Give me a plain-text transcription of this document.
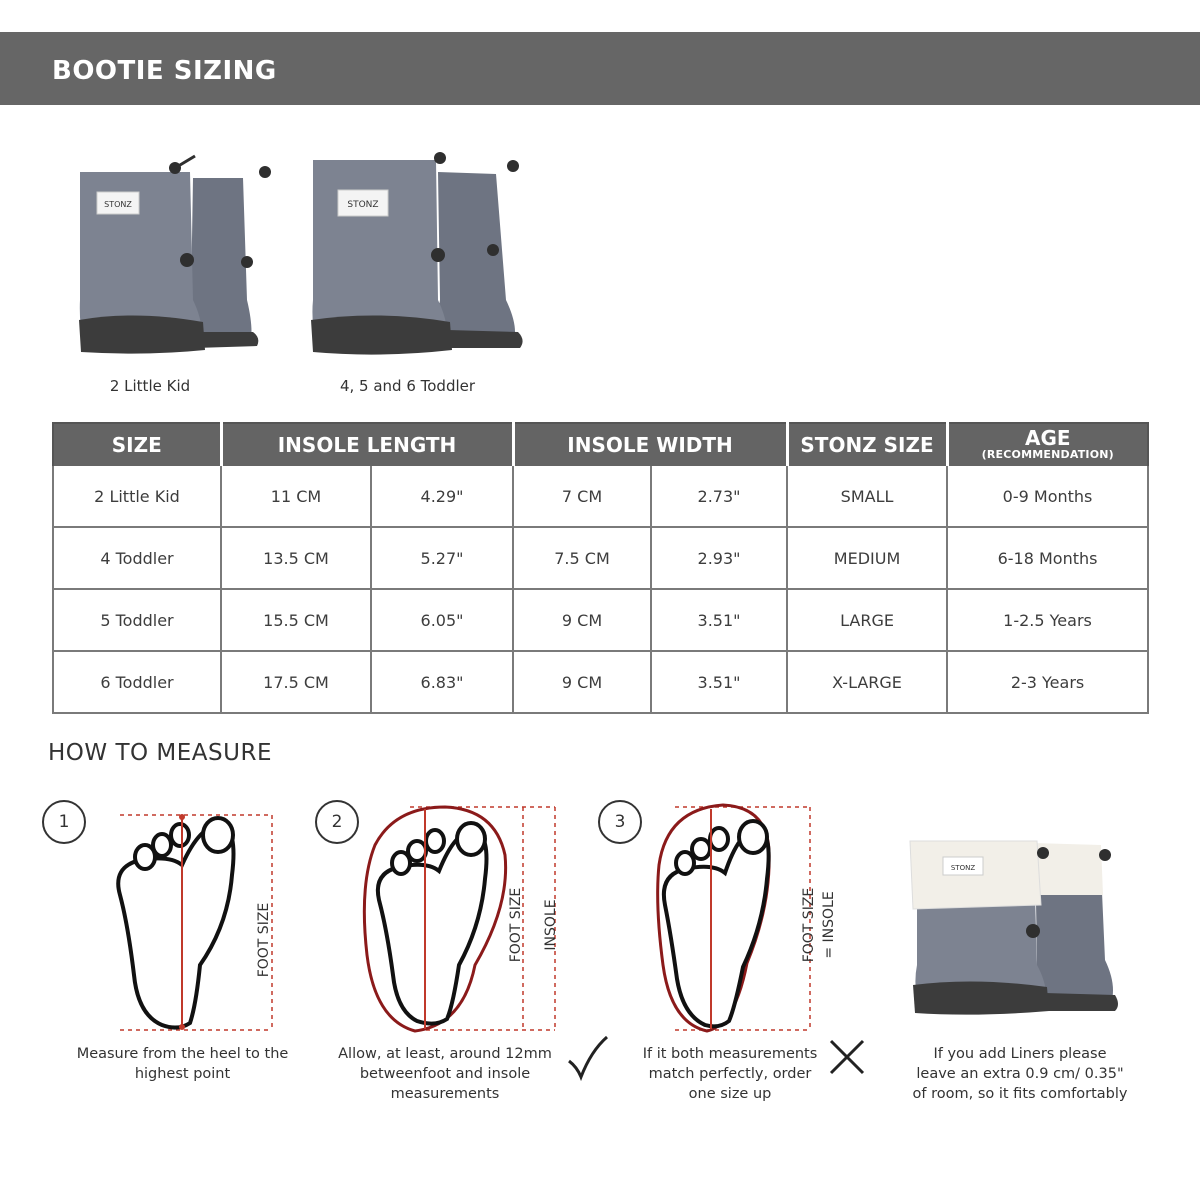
BOOTIE SIZING
STONZ
2 Little Kid
STONZ
4, 5 and 6 Toddler
SIZE	INSOLE LENGTH		INSOLE WIDTH		STONZ SIZE	AGE
(RECOMMENDATION)

2 Little Kid	11 CM	4.29"	7 CM	2.73"	SMALL	0-9 Months
4 Toddler	13.5 CM	5.27"	7.5 CM	2.93"	MEDIUM	6-18 Months
5 Toddler	15.5 CM	6.05"	9 CM	3.51"	LARGE	1-2.5 Years
6 Toddler	17.5 CM	6.83"	9 CM	3.51"	X-LARGE	2-3 Years
HOW TO MEASURE
1
FOOT SIZE
Measure from the heel to the
highest point
2
FOOT SIZE INSOLE
Allow, at least, around 12mm
betweenfoot and insole
measurements
3
FOOT SIZE = INSOLE
If it both measurements
match perfectly, order
one size up
STONZ
If you add Liners please
leave an extra 0.9 cm/ 0.35"
of room, so it fits comfortably
